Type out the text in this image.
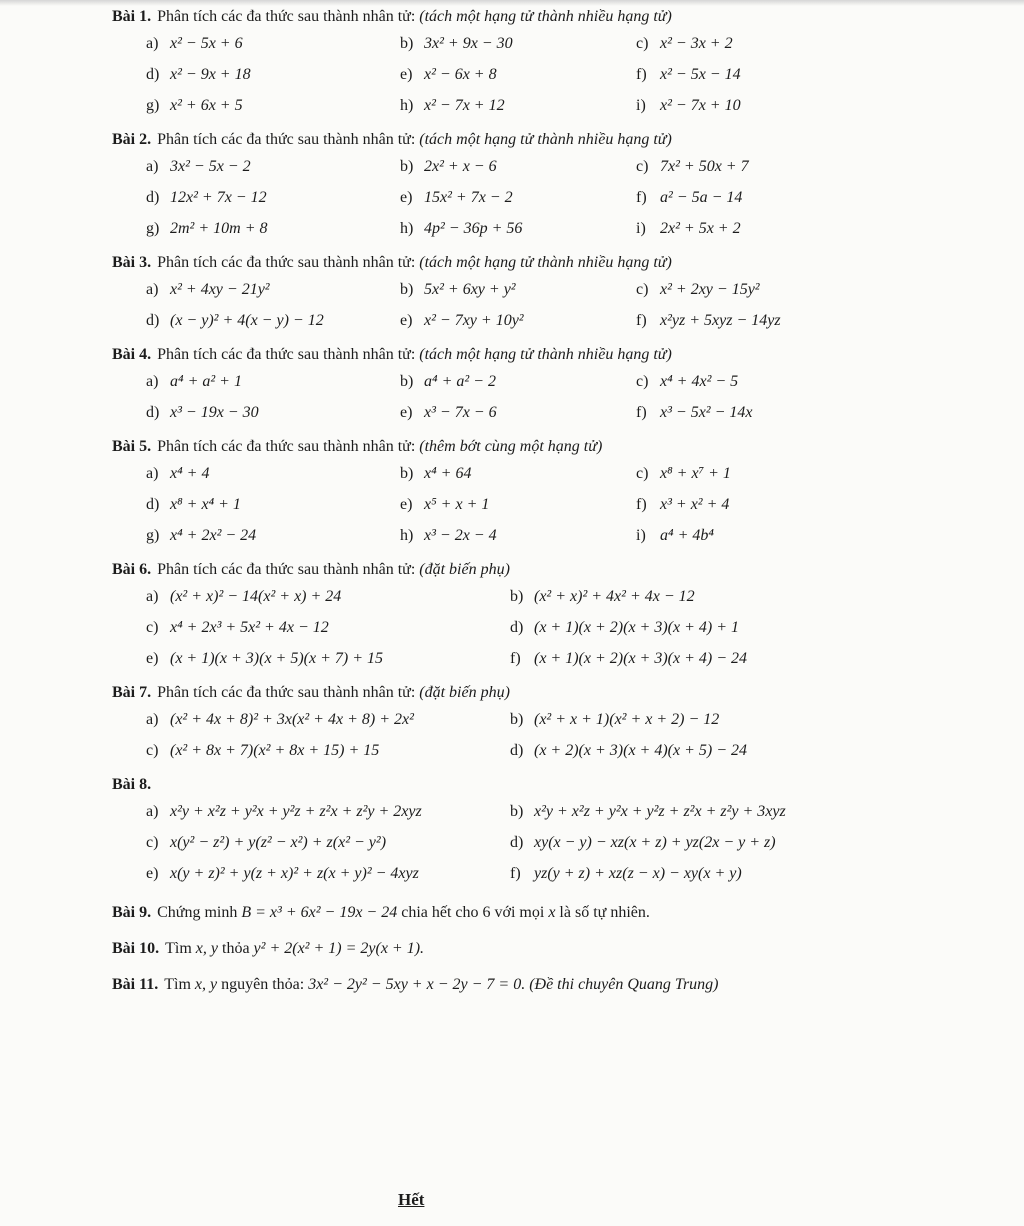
Bài 1. Phân tích các đa thức sau thành nhân tử: (tách một hạng tử thành nhiều hạng tử)
a) x² − 5x + 6	b) 3x² + 9x − 30	c) x² − 3x + 2
d) x² − 9x + 18	e) x² − 6x + 8	f) x² − 5x − 14
g) x² + 6x + 5	h) x² − 7x + 12	i) x² − 7x + 10
Bài 2. Phân tích các đa thức sau thành nhân tử: (tách một hạng tử thành nhiều hạng tử)
a) 3x² − 5x − 2	b) 2x² + x − 6	c) 7x² + 50x + 7
d) 12x² + 7x − 12	e) 15x² + 7x − 2	f) a² − 5a − 14
g) 2m² + 10m + 8	h) 4p² − 36p + 56	i) 2x² + 5x + 2
Bài 3. Phân tích các đa thức sau thành nhân tử: (tách một hạng tử thành nhiều hạng tử)
a) x² + 4xy − 21y²	b) 5x² + 6xy + y²	c) x² + 2xy − 15y²
d) (x − y)² + 4(x − y) − 12	e) x² − 7xy + 10y²	f) x²yz + 5xyz − 14yz
Bài 4. Phân tích các đa thức sau thành nhân tử: (tách một hạng tử thành nhiều hạng tử)
a) a⁴ + a² + 1	b) a⁴ + a² − 2	c) x⁴ + 4x² − 5
d) x³ − 19x − 30	e) x³ − 7x − 6	f) x³ − 5x² − 14x
Bài 5. Phân tích các đa thức sau thành nhân tử: (thêm bớt cùng một hạng tử)
a) x⁴ + 4	b) x⁴ + 64	c) x⁸ + x⁷ + 1
d) x⁸ + x⁴ + 1	e) x⁵ + x + 1	f) x³ + x² + 4
g) x⁴ + 2x² − 24	h) x³ − 2x − 4	i) a⁴ + 4b⁴
Bài 6. Phân tích các đa thức sau thành nhân tử: (đặt biến phụ)
a) (x² + x)² − 14(x² + x) + 24	b) (x² + x)² + 4x² + 4x − 12
c) x⁴ + 2x³ + 5x² + 4x − 12	d) (x + 1)(x + 2)(x + 3)(x + 4) + 1
e) (x + 1)(x + 3)(x + 5)(x + 7) + 15	f) (x + 1)(x + 2)(x + 3)(x + 4) − 24
Bài 7. Phân tích các đa thức sau thành nhân tử: (đặt biến phụ)
a) (x² + 4x + 8)² + 3x(x² + 4x + 8) + 2x²	b) (x² + x + 1)(x² + x + 2) − 12
c) (x² + 8x + 7)(x² + 8x + 15) + 15	d) (x + 2)(x + 3)(x + 4)(x + 5) − 24
Bài 8.
a) x²y + x²z + y²x + y²z + z²x + z²y + 2xyz	b) x²y + x²z + y²x + y²z + z²x + z²y + 3xyz
c) x(y² − z²) + y(z² − x²) + z(x² − y²)	d) xy(x − y) − xz(x + z) + yz(2x − y + z)
e) x(y + z)² + y(z + x)² + z(x + y)² − 4xyz	f) yz(y + z) + xz(z − x) − xy(x + y)
Bài 9. Chứng minh B = x³ + 6x² − 19x − 24 chia hết cho 6 với mọi x là số tự nhiên.
Bài 10. Tìm x, y thỏa y² + 2(x² + 1) = 2y(x + 1).
Bài 11. Tìm x, y nguyên thỏa: 3x² − 2y² − 5xy + x − 2y − 7 = 0. (Đề thi chuyên Quang Trung)
Hết
